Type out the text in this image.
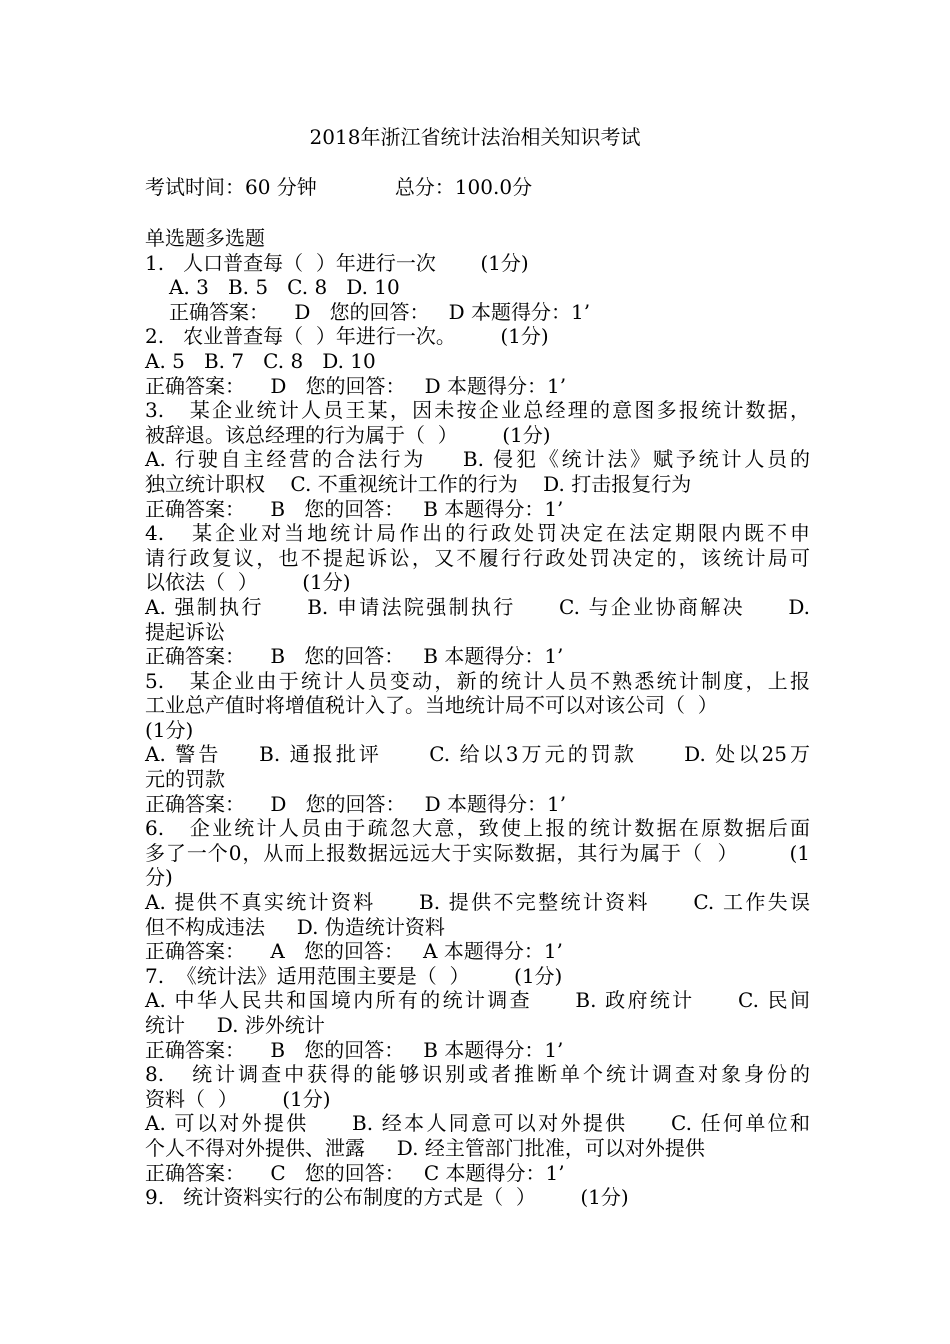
2018年浙江省统计法治相关知识考试
考试时间：60 分钟	总分：100.0分
单选题多选题
1.   人口普查每（  ）年进行一次       (1分)
A. 3   B. 5   C. 8   D. 10
正确答案：    D   您的回答：   D 本题得分：1’
2.   农业普查每（  ）年进行一次。       (1分)
A. 5   B. 7   C. 8   D. 10
正确答案：    D   您的回答：   D 本题得分：1’
3.   某企业统计人员王某，因未按企业总经理的意图多报统计数据，
被辞退。该总经理的行为属于（  ）       (1分)
A. 行驶自主经营的合法行为    B. 侵犯《统计法》赋予统计人员的
独立统计职权    C. 不重视统计工作的行为    D. 打击报复行为
正确答案：    B   您的回答：   B 本题得分：1’
4.   某企业对当地统计局作出的行政处罚决定在法定期限内既不申
请行政复议，也不提起诉讼，又不履行行政处罚决定的，该统计局可
以依法（  ）       (1分)
A. 强制执行     B. 申请法院强制执行     C. 与企业协商解决     D.
提起诉讼
正确答案：    B   您的回答：   B 本题得分：1’
5.   某企业由于统计人员变动，新的统计人员不熟悉统计制度，上报
工业总产值时将增值税计入了。当地统计局不可以对该公司（  ）
(1分)
A. 警告    B. 通报批评     C. 给以3万元的罚款     D. 处以25万
元的罚款
正确答案：    D   您的回答：   D 本题得分：1’
6.   企业统计人员由于疏忽大意，致使上报的统计数据在原数据后面
多了一个0，从而上报数据远远大于实际数据，其行为属于（  ）       (1
分)
A. 提供不真实统计资料     B. 提供不完整统计资料     C. 工作失误
但不构成违法     D. 伪造统计资料
正确答案：    A   您的回答：   A 本题得分：1’
7.  《统计法》适用范围主要是（  ）       (1分)
A. 中华人民共和国境内所有的统计调查     B. 政府统计     C. 民间
统计     D. 涉外统计
正确答案：    B   您的回答：   B 本题得分：1’
8.   统计调查中获得的能够识别或者推断单个统计调查对象身份的
资料（  ）       (1分)
A. 可以对外提供     B. 经本人同意可以对外提供     C. 任何单位和
个人不得对外提供、泄露     D. 经主管部门批准，可以对外提供
正确答案：    C   您的回答：   C 本题得分：1’
9.   统计资料实行的公布制度的方式是（  ）       (1分)
